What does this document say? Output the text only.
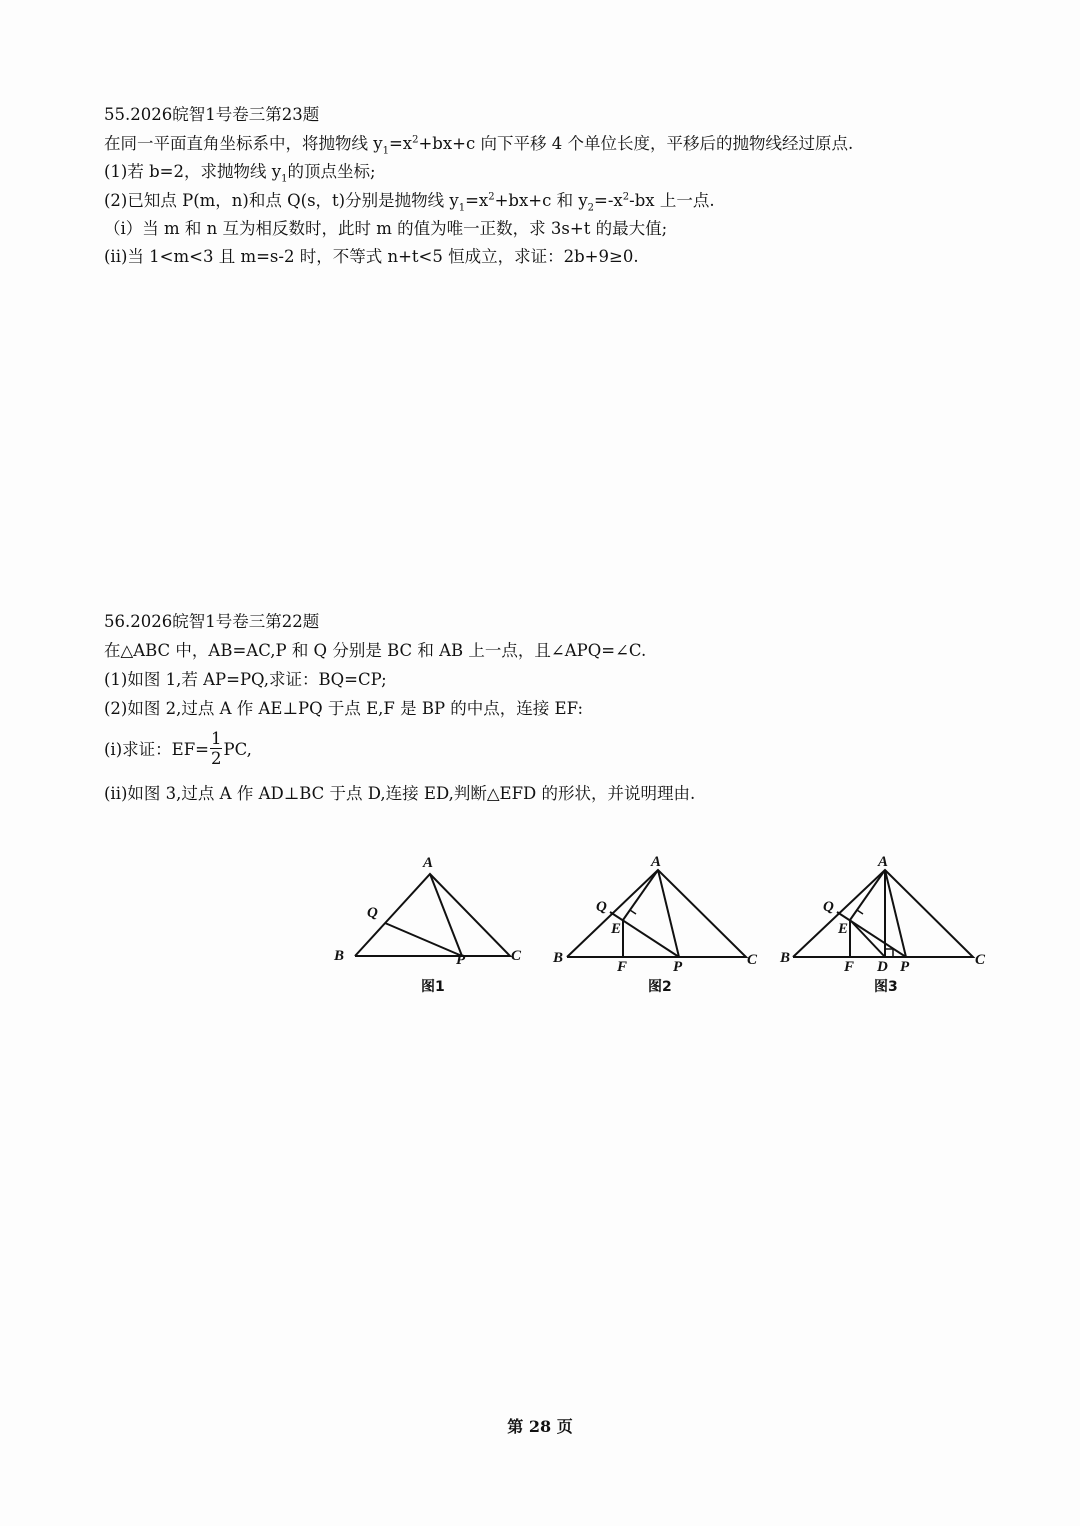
55.2026皖智1号卷三第23题
在同一平面直角坐标系中，将抛物线 $y_1=x^2+bx+c$ 向下平移 4 个单位长度，平移后的抛物线经过原点.
(1)若 b=2，求抛物线 $y_1$的顶点坐标;
(2)已知点 P(m，n)和点 Q(s，t)分别是抛物线 $y_1=x^2+bx+c$ 和 $y_2=-x^2-bx$ 上一点.
（i）当 m 和 n 互为相反数时，此时 m 的值为唯一正数，求 3s+t 的最大值;
(ii)当 1<m<3 且 m=s-2 时，不等式 n+t<5 恒成立，求证：2b+9≥0.
56.2026皖智1号卷三第22题
在△ABC 中，AB=AC,P 和 Q 分别是 BC 和 AB 上一点，且∠APQ=∠C.
(1)如图 1,若 AP=PQ,求证：BQ=CP;
(2)如图 2,过点 A 作 AE⊥PQ 于点 E,F 是 BP 的中点，连接 EF:
(i)求证：$EF= \frac{1}{2}$ PC,
(ii)如图 3,过点 A 作 AD⊥BC 于点 D,连接 ED,判断△EFD 的形状，并说明理由.
A
B	C
P
Q
A
B	C
P
Q
E
F
A
B	C
P
Q
E
F D
图1	图2	图3
第 28 页
